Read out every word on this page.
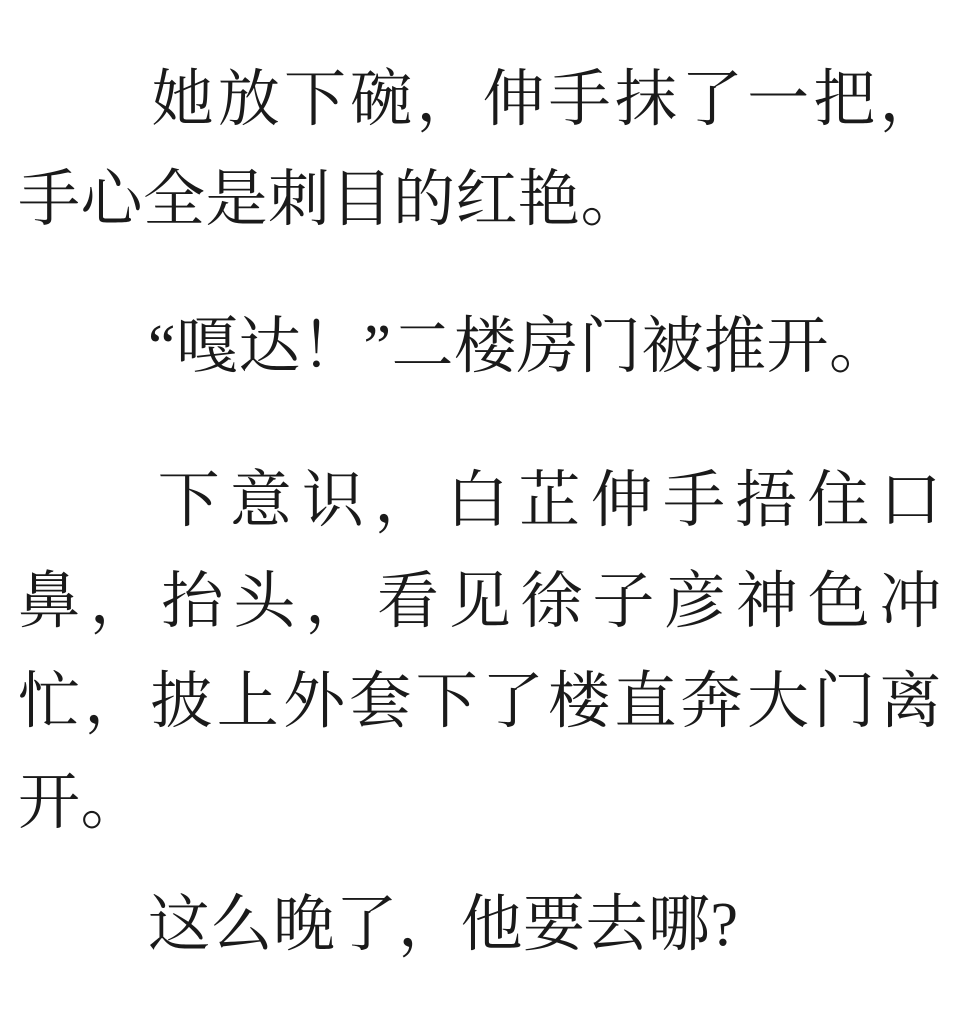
她放下碗，伸手抹了一把，手心全是刺目的红艳。

“嘎达！”二楼房门被推开。

下意识，白芷伸手捂住口鼻，抬头，看见徐子彦神色冲忙，披上外套下了楼直奔大门离开。

这么晚了，他要去哪?
